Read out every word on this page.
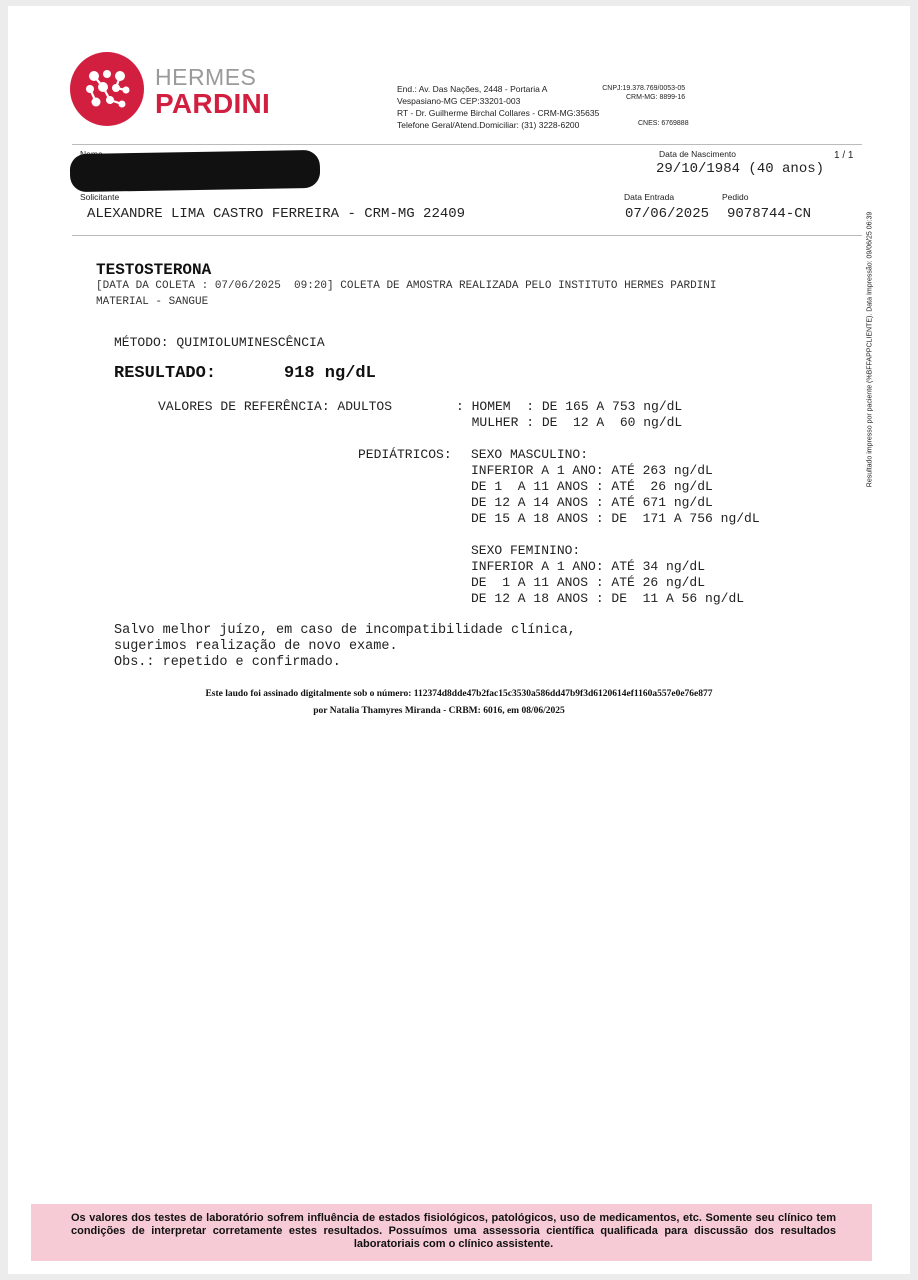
HERMES
PARDINI	End.: Av. Das Nações, 2448 - Portaria A
Vespasiano-MG CEP:33201-003
RT - Dr. Guilherme Birchal Collares - CRM-MG:35635
Telefone Geral/Atend.Domiciliar: (31) 3228-6200
CNPJ:19.378.769/0053-05
CRM-MG: 8899-16
CNES: 6769888
Data de Nascimento	1 / 1
29/10/1984 (40 anos)
Solicitante
ALEXANDRE LIMA CASTRO FERREIRA - CRM-MG 22409
Data Entrada	Pedido
07/06/2025 9078744-CN
TESTOSTERONA
[DATA DA COLETA : 07/06/2025  09:20] COLETA DE AMOSTRA REALIZADA PELO INSTITUTO HERMES PARDINI
MATERIAL - SANGUE
MÉTODO: QUIMIOLUMINESCÊNCIA
RESULTADO:	918 ng/dL
VALORES DE REFERÊNCIA: ADULTOS	: HOMEM  : DE 165 A 753 ng/dL
MULHER : DE  12 A  60 ng/dL
PEDIÁTRICOS: SEXO MASCULINO:
INFERIOR A 1 ANO: ATÉ 263 ng/dL
DE 1  A 11 ANOS : ATÉ  26 ng/dL
DE 12 A 14 ANOS : ATÉ 671 ng/dL
DE 15 A 18 ANOS : DE  171 A 756 ng/dL
SEXO FEMININO:
INFERIOR A 1 ANO: ATÉ 34 ng/dL
DE  1 A 11 ANOS : ATÉ 26 ng/dL
DE 12 A 18 ANOS : DE  11 A 56 ng/dL
Salvo melhor juízo, em caso de incompatibilidade clínica,
sugerimos realização de novo exame.
Obs.: repetido e confirmado.
Este laudo foi assinado digitalmente sob o número: 112374d8dde47b2fac15c3530a586dd47b9f3d6120614ef1160a557e0e76e877
por Natalia Thamyres Miranda - CRBM: 6016, em 08/06/2025
Resultado impresso por paciente (%BFFAPPCLIENTE). Data Impressão: 09/06/25 06:39
Os valores dos testes de laboratório sofrem influência de estados fisiológicos, patológicos, uso de medicamentos, etc. Somente seu clínico tem condições de interpretar corretamente estes resultados. Possuímos uma assessoria científica qualificada para discussão dos resultados laboratoriais com o clínico assistente.
